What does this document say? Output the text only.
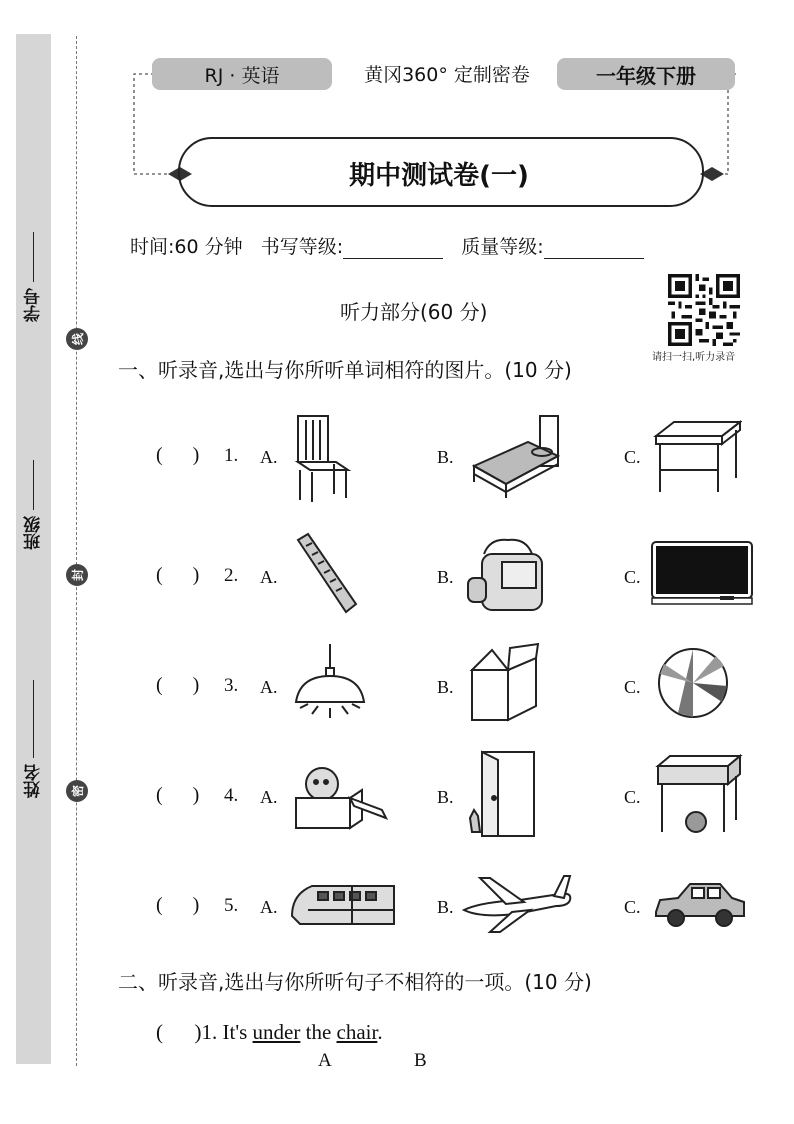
学号
班级
姓名
线
封
密
RJ · 英语	黄冈360° 定制密卷	一年级下册
期中测试卷(一)
时间:60 分钟 书写等级:	质量等级:
听力部分(60 分)
请扫一扫,听力录音
一、听录音,选出与你所听单词相符的图片。(10 分)
(      ) 1. A.	B.	C.
(      ) 2. A.	B.	C.
(      ) 3. A.	B.	C.
(      ) 4. A.	B.	C.
(      ) 5. A.	B.	C.
二、听录音,选出与你所听句子不相符的一项。(10 分)
(      )1. It's under the chair.
A	B
